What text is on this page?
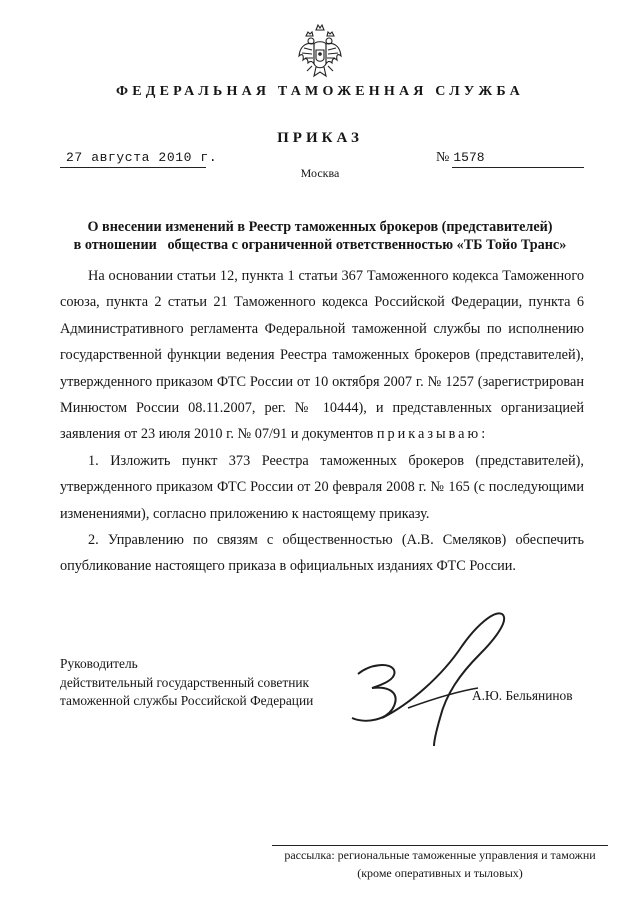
ФЕДЕРАЛЬНАЯ ТАМОЖЕННАЯ СЛУЖБА
ПРИКАЗ
27 августа 2010 г.	№ 1578
Москва
О внесении изменений в Реестр таможенных брокеров (представителей)
в отношении   общества с ограниченной ответственностью «ТБ Тойо Транс»

На основании статьи 12, пункта 1 статьи 367 Таможенного кодекса Таможенного союза, пункта 2 статьи 21 Таможенного кодекса Российской Федерации, пункта 6 Административного регламента Федеральной таможенной службы по исполнению государственной функции ведения Реестра таможенных брокеров (представителей), утвержденного приказом ФТС России от 10 октября 2007 г. № 1257 (зарегистрирован Минюстом России 08.11.2007, рег. № 10444), и представленных организацией заявления от 23 июля 2010 г. № 07/91 и документов приказываю:

1. Изложить пункт 373 Реестра таможенных брокеров (представителей), утвержденного приказом ФТС России от 20 февраля 2008 г. № 165 (с последующими изменениями), согласно приложению к настоящему приказу.

2. Управлению по связям с общественностью (А.В. Смеляков) обеспечить опубликование настоящего приказа в официальных изданиях ФТС России.

Руководитель
действительный государственный советник
таможенной службы Российской Федерации	А.Ю. Бельянинов
рассылка: региональные таможенные управления и таможни
(кроме оперативных и тыловых)
